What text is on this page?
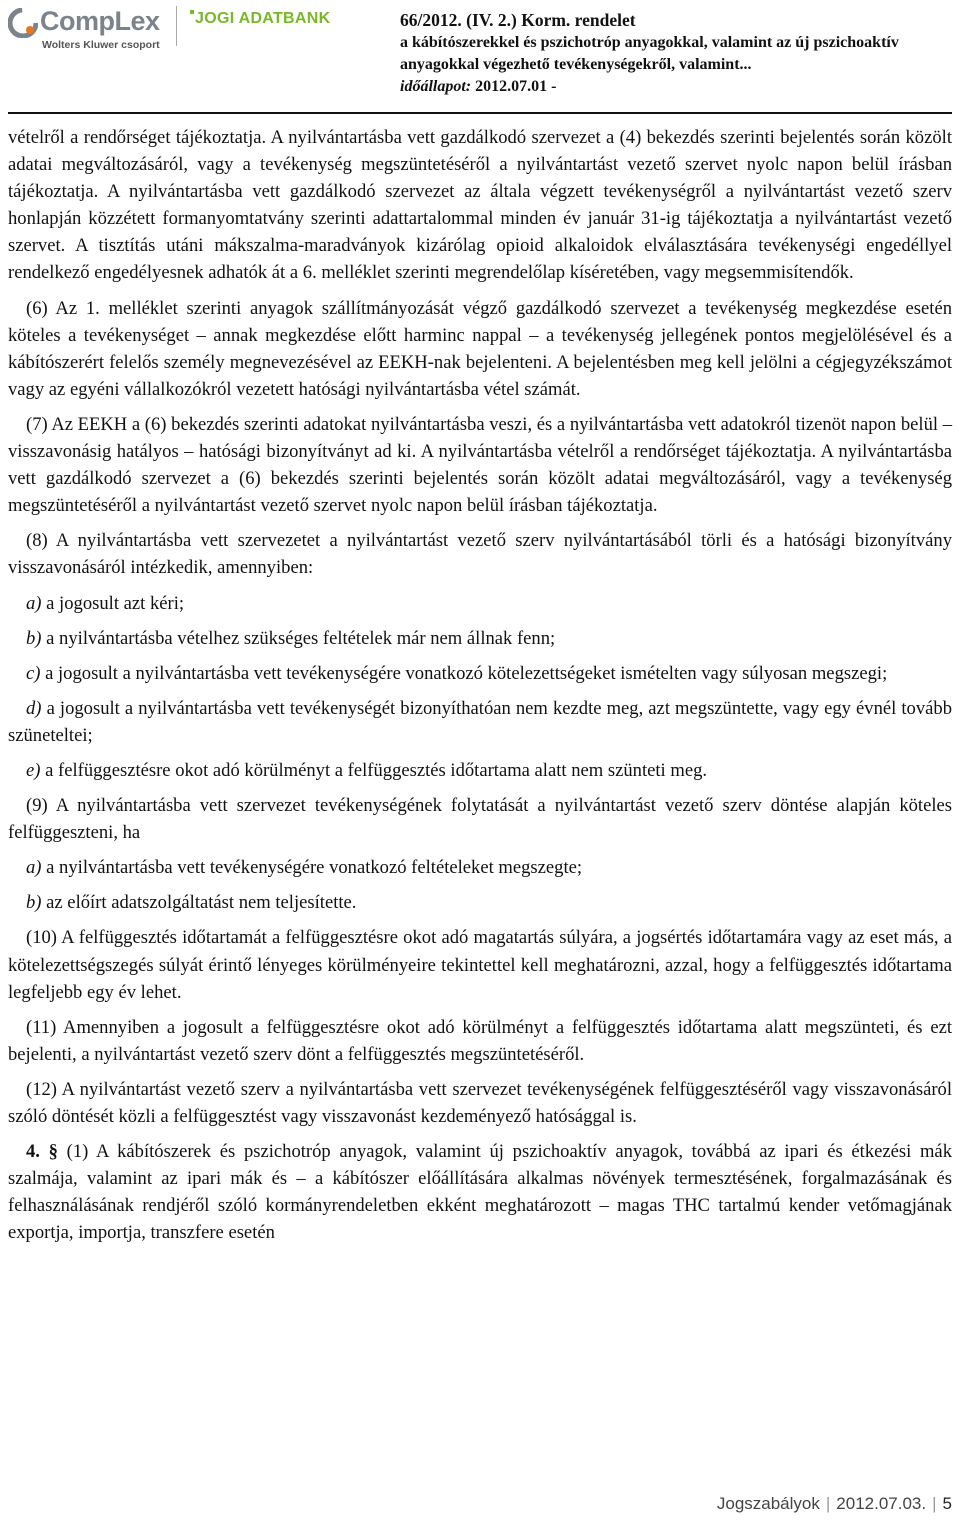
CompLex
Wolters Kluwer csoport
JOGI ADATBANK	66/2012. (IV. 2.) Korm. rendelet

a kábítószerekkel és pszichotróp anyagokkal, valamint az új pszichoaktív anyagokkal végezhető tevékenységekről, valamint...

időállapot: 2012.07.01 -

vételről a rendőrséget tájékoztatja. A nyilvántartásba vett gazdálkodó szervezet a (4) bekezdés szerinti bejelentés során közölt adatai megváltozásáról, vagy a tevékenység megszüntetéséről a nyilvántartást vezető szervet nyolc napon belül írásban tájékoztatja. A nyilvántartásba vett gazdálkodó szervezet az általa végzett tevékenységről a nyilvántartást vezető szerv honlapján közzétett formanyomtatvány szerinti adattartalommal minden év január 31-ig tájékoztatja a nyilvántartást vezető szervet. A tisztítás utáni mákszalma-maradványok kizárólag opioid alkaloidok elválasztására tevékenységi engedéllyel rendelkező engedélyesnek adhatók át a 6. melléklet szerinti megrendelőlap kíséretében, vagy megsemmisítendők.

(6) Az 1. melléklet szerinti anyagok szállítmányozását végző gazdálkodó szervezet a tevékenység megkezdése esetén köteles a tevékenységet – annak megkezdése előtt harminc nappal – a tevékenység jellegének pontos megjelölésével és a kábítószerért felelős személy megnevezésével az EEKH-nak bejelenteni. A bejelentésben meg kell jelölni a cégjegyzékszámot vagy az egyéni vállalkozókról vezetett hatósági nyilvántartásba vétel számát.

(7) Az EEKH a (6) bekezdés szerinti adatokat nyilvántartásba veszi, és a nyilvántartásba vett adatokról tizenöt napon belül – visszavonásig hatályos – hatósági bizonyítványt ad ki. A nyilvántartásba vételről a rendőrséget tájékoztatja. A nyilvántartásba vett gazdálkodó szervezet a (6) bekezdés szerinti bejelentés során közölt adatai megváltozásáról, vagy a tevékenység megszüntetéséről a nyilvántartást vezető szervet nyolc napon belül írásban tájékoztatja.

(8) A nyilvántartásba vett szervezetet a nyilvántartást vezető szerv nyilvántartásából törli és a hatósági bizonyítvány visszavonásáról intézkedik, amennyiben:

a) a jogosult azt kéri;

b) a nyilvántartásba vételhez szükséges feltételek már nem állnak fenn;

c) a jogosult a nyilvántartásba vett tevékenységére vonatkozó kötelezettségeket ismételten vagy súlyosan megszegi;

d) a jogosult a nyilvántartásba vett tevékenységét bizonyíthatóan nem kezdte meg, azt megszüntette, vagy egy évnél tovább szüneteltei;

e) a felfüggesztésre okot adó körülményt a felfüggesztés időtartama alatt nem szünteti meg.

(9) A nyilvántartásba vett szervezet tevékenységének folytatását a nyilvántartást vezető szerv döntése alapján köteles felfüggeszteni, ha

a) a nyilvántartásba vett tevékenységére vonatkozó feltételeket megszegte;

b) az előírt adatszolgáltatást nem teljesítette.

(10) A felfüggesztés időtartamát a felfüggesztésre okot adó magatartás súlyára, a jogsértés időtartamára vagy az eset más, a kötelezettségszegés súlyát érintő lényeges körülményeire tekintettel kell meghatározni, azzal, hogy a felfüggesztés időtartama legfeljebb egy év lehet.

(11) Amennyiben a jogosult a felfüggesztésre okot adó körülményt a felfüggesztés időtartama alatt megszünteti, és ezt bejelenti, a nyilvántartást vezető szerv dönt a felfüggesztés megszüntetéséről.

(12) A nyilvántartást vezető szerv a nyilvántartásba vett szervezet tevékenységének felfüggesztéséről vagy visszavonásáról szóló döntését közli a felfüggesztést vagy visszavonást kezdeményező hatósággal is.

4. § (1) A kábítószerek és pszichotróp anyagok, valamint új pszichoaktív anyagok, továbbá az ipari és étkezési mák szalmája, valamint az ipari mák és – a kábítószer előállítására alkalmas növények termesztésének, forgalmazásának és felhasználásának rendjéről szóló kormányrendeletben ekként meghatározott – magas THC tartalmú kender vetőmagjának exportja, importja, transzfere esetén

Jogszabályok | 2012.07.03. | 5
